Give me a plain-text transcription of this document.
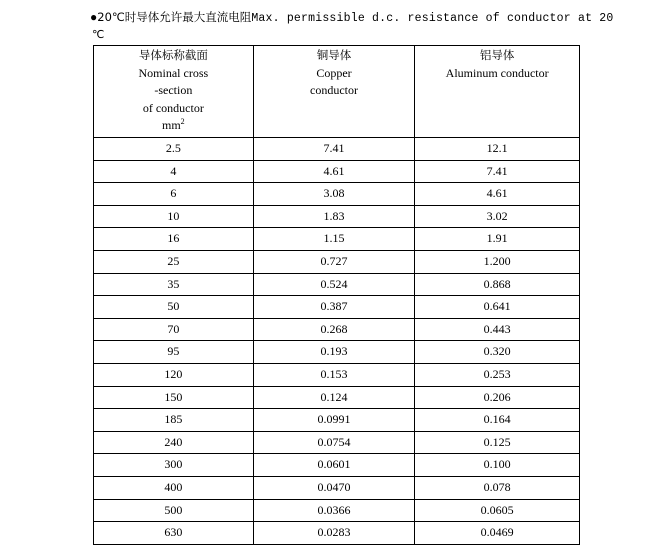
●20℃时导体允许最大直流电阻Max. permissible d.c. resistance of conductor at 20
℃
导体标称截面
Nominal cross
-section
of conductor
$mm^2$	铜导体
Copper
conductor	铝导体
Aluminum conductor

2.5	7.41	12.1
4	4.61	7.41
6	3.08	4.61
10	1.83	3.02
16	1.15	1.91
25	0.727	1.200
35	0.524	0.868
50	0.387	0.641
70	0.268	0.443
95	0.193	0.320
120	0.153	0.253
150	0.124	0.206
185	0.0991	0.164
240	0.0754	0.125
300	0.0601	0.100
400	0.0470	0.078
500	0.0366	0.0605
630	0.0283	0.0469
